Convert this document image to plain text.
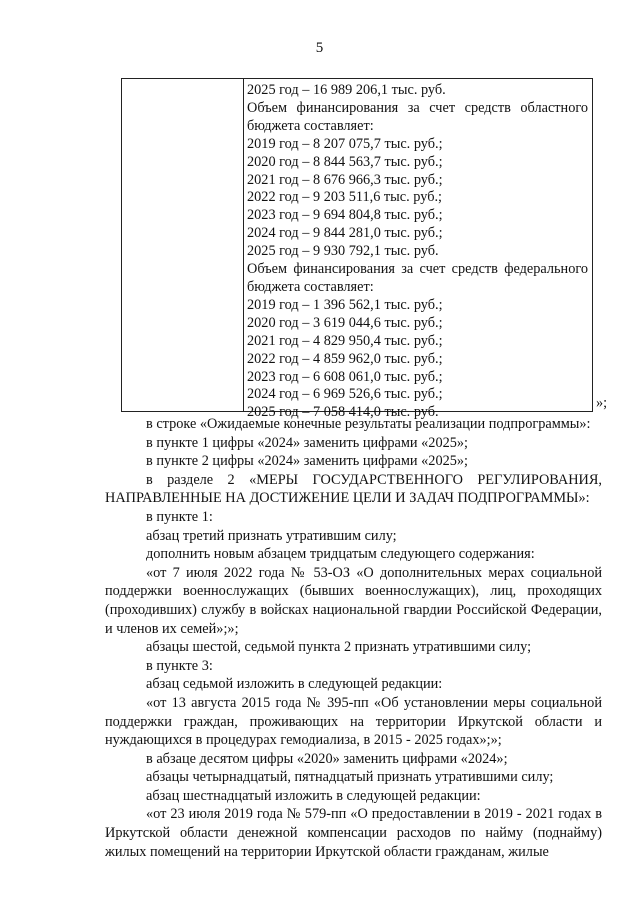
5
2025 год – 16 989 206,1 тыс. руб.
Объем финансирования за счет средств областного
бюджета составляет:
2019 год – 8 207 075,7 тыс. руб.;
2020 год – 8 844 563,7 тыс. руб.;
2021 год – 8 676 966,3 тыс. руб.;
2022 год – 9 203 511,6 тыс. руб.;
2023 год – 9 694 804,8 тыс. руб.;
2024 год – 9 844 281,0 тыс. руб.;
2025 год – 9 930 792,1 тыс. руб.
Объем финансирования за счет средств федерального
бюджета составляет:
2019 год – 1 396 562,1 тыс. руб.;
2020 год – 3 619 044,6 тыс. руб.;
2021 год – 4 829 950,4 тыс. руб.;
2022 год – 4 859 962,0 тыс. руб.;
2023 год – 6 608 061,0 тыс. руб.;
2024 год – 6 969 526,6 тыс. руб.;
2025 год – 7 058 414,0 тыс. руб.
»;

в строке «Ожидаемые конечные результаты реализации подпрограммы»:

в пункте 1 цифры «2024» заменить цифрами «2025»;

в пункте 2 цифры «2024» заменить цифрами «2025»;

в разделе 2 «МЕРЫ ГОСУДАРСТВЕННОГО РЕГУЛИРОВАНИЯ, НАПРАВЛЕННЫЕ НА ДОСТИЖЕНИЕ ЦЕЛИ И ЗАДАЧ ПОДПРОГРАММЫ»:

в пункте 1:

абзац третий признать утратившим силу;

дополнить новым абзацем тридцатым следующего содержания:

«от 7 июля 2022 года № 53-ОЗ «О дополнительных мерах социальной поддержки военнослужащих (бывших военнослужащих), лиц, проходящих (проходивших) службу в войсках национальной гвардии Российской Федерации, и членов их семей»;»;

абзацы шестой, седьмой пункта 2 признать утратившими силу;

в пункте 3:

абзац седьмой изложить в следующей редакции:

«от 13 августа 2015 года № 395-пп «Об установлении меры социальной поддержки граждан, проживающих на территории Иркутской области и нуждающихся в процедурах гемодиализа, в 2015 - 2025 годах»;»;

в абзаце десятом цифры «2020» заменить цифрами «2024»;

абзацы четырнадцатый, пятнадцатый признать утратившими силу;

абзац шестнадцатый изложить в следующей редакции:

«от 23 июля 2019 года № 579-пп «О предоставлении в 2019 - 2021 годах в Иркутской области денежной компенсации расходов по найму (поднайму) жилых помещений на территории Иркутской области гражданам, жилые
